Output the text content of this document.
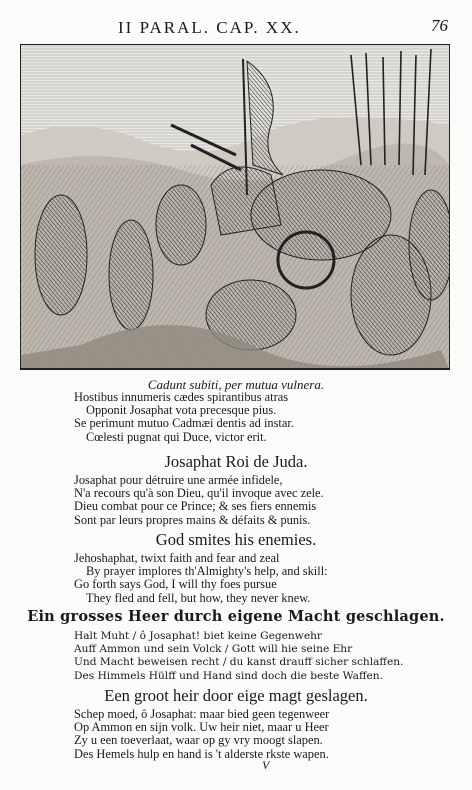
II PARAL. CAP. XX.	76
Cadunt subiti, per mutua vulnera.
Hostibus innumeris cædes spirantibus atras
Opponit Josaphat vota precesque pius.
Se perimunt mutuo Cadmæi dentis ad instar.
Cœlesti pugnat qui Duce, victor erit.
Josaphat Roi de Juda.
Josaphat pour détruire une armée infidele,
N'a recours qu'à son Dieu, qu'il invoque avec zele.
Dieu combat pour ce Prince; & ses fiers ennemis
Sont par leurs propres mains & défaits & punis.
God smites his enemies.
Jehoshaphat, twixt faith and fear and zeal
By prayer implores th'Almighty's help, and skill:
Go forth says God, I will thy foes pursue
They fled and fell, but how, they never knew.
Ein grosses Heer durch eigene Macht geschlagen.
Halt Muht / ô Josaphat! biet keine Gegenwehr
Auff Ammon und sein Volck / Gott will hie seine Ehr
Und Macht beweisen recht / du kanst drauff sicher schlaffen.
Des Himmels Hülff und Hand sind doch die beste Waffen.
Een groot heir door eige magt geslagen.
Schep moed, ô Josaphat: maar bied geen tegenweer
Op Ammon en sijn volk. Uw heir niet, maar u Heer
Zy u een toeverlaat, waar op gy vry moogt slapen.
Des Hemels hulp en hand is 't alderste rkste wapen.
V
